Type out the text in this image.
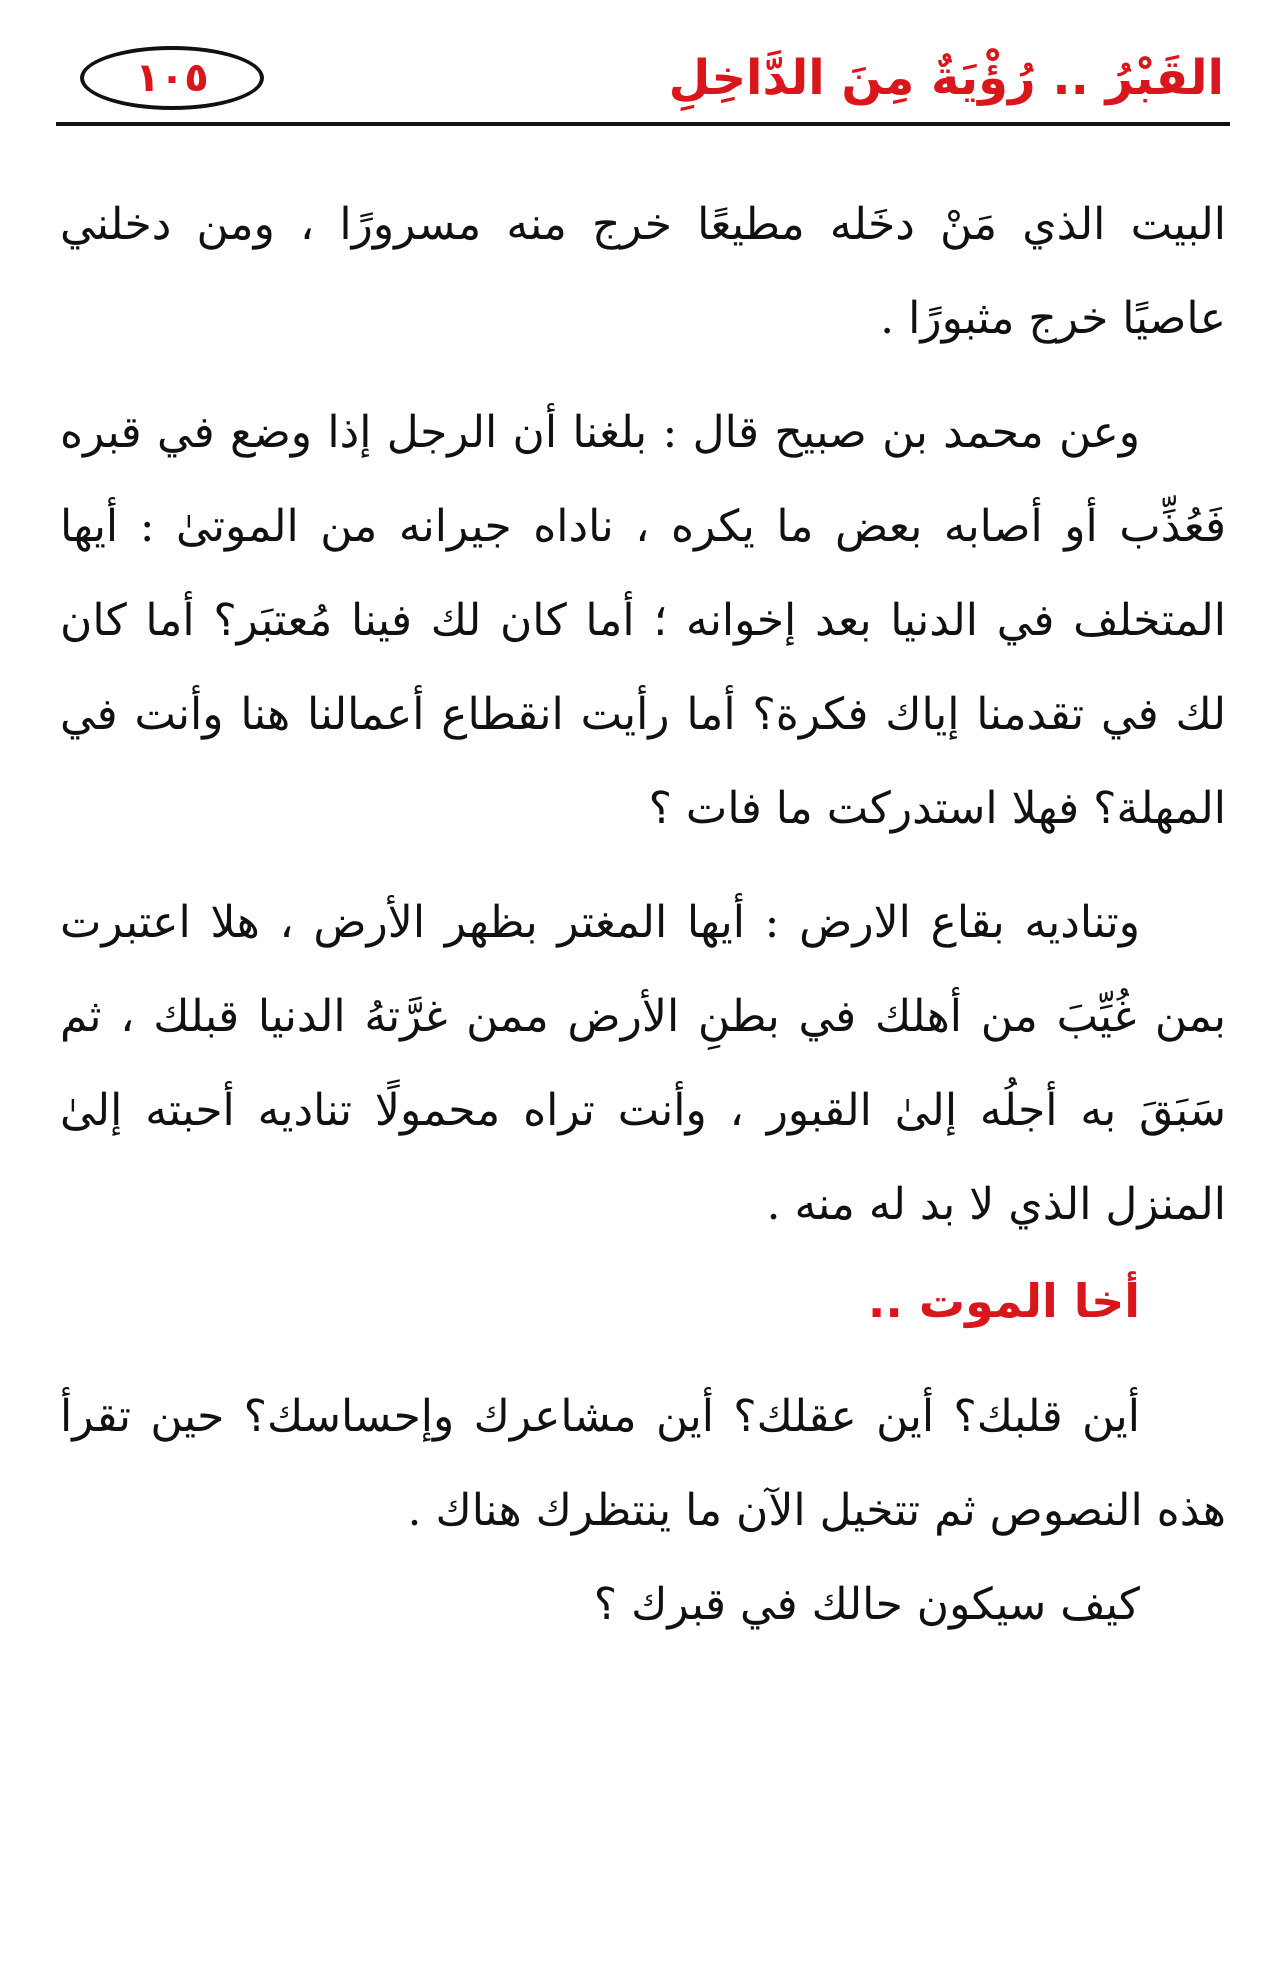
١٠٥	القَبْرُ .. رُؤْيَةٌ مِنَ الدَّاخِلِ

البيت الذي مَنْ دخَله مطيعًا خرج منه مسرورًا ، ومن دخلني عاصيًا خرج مثبورًا .

وعن محمد بن صبيح قال : بلغنا أن الرجل إذا وضع في قبره فَعُذِّب أو أصابه بعض ما يكره ، ناداه جيرانه من الموتىٰ : أيها المتخلف في الدنيا بعد إخوانه ؛ أما كان لك فينا مُعتبَر؟ أما كان لك في تقدمنا إياك فكرة؟ أما رأيت انقطاع أعمالنا هنا وأنت في المهلة؟ فهلا استدركت ما فات ؟

وتناديه بقاع الارض : أيها المغتر بظهر الأرض ، هلا اعتبرت بمن غُيِّبَ من أهلك في بطنِ الأرض ممن غرَّتهُ الدنيا قبلك ، ثم سَبَقَ به أجلُه إلىٰ القبور ، وأنت تراه محمولًا تناديه أحبته إلىٰ المنزل الذي لا بد له منه .

أخا الموت ..

أين قلبك؟ أين عقلك؟ أين مشاعرك وإحساسك؟ حين تقرأ هذه النصوص ثم تتخيل الآن ما ينتظرك هناك .

كيف سيكون حالك في قبرك ؟
